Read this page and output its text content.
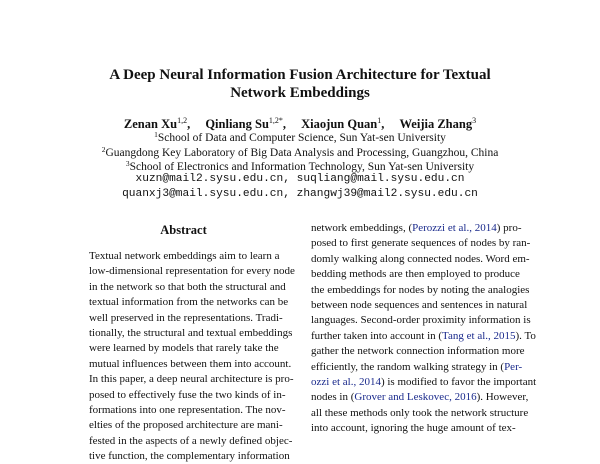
A Deep Neural Information Fusion Architecture for Textual
Network Embeddings
Zenan Xu$^{1,2}$, Qinliang $Su^{1,2*}$, Xiaojun Quan$^1$, Weijia Zhang$^3$
$^1$School of Data and Computer Science, Sun Yat-sen University
$^2$Guangdong Key Laboratory of Big Data Analysis and Processing, Guangzhou, China
$^3$School of Electronics and Information Technology, Sun Yat-sen University
xuzn@mail2.sysu.edu.cn, suqliang@mail.sysu.edu.cn
quanxj3@mail.sysu.edu.cn, zhangwj39@mail2.sysu.edu.cn
Abstract
Textual network embeddings aim to learn a
low-dimensional representation for every node
in the network so that both the structural and
textual information from the networks can be
well preserved in the representations. Tradi-
tionally, the structural and textual embeddings
were learned by models that rarely take the
mutual influences between them into account.
In this paper, a deep neural architecture is pro-
posed to effectively fuse the two kinds of in-
formations into one representation. The nov-
elties of the proposed architecture are mani-
fested in the aspects of a newly defined objec-
tive function, the complementary information
network embeddings, (Perozzi et al., 2014) pro-
posed to first generate sequences of nodes by ran-
domly walking along connected nodes. Word em-
bedding methods are then employed to produce
the embeddings for nodes by noting the analogies
between node sequences and sentences in natural
languages. Second-order proximity information is
further taken into account in (Tang et al., 2015). To
gather the network connection information more
efficiently, the random walking strategy in (Per-
ozzi et al., 2014) is modified to favor the important
nodes in (Grover and Leskovec, 2016). However,
all these methods only took the network structure
into account, ignoring the huge amount of tex-
